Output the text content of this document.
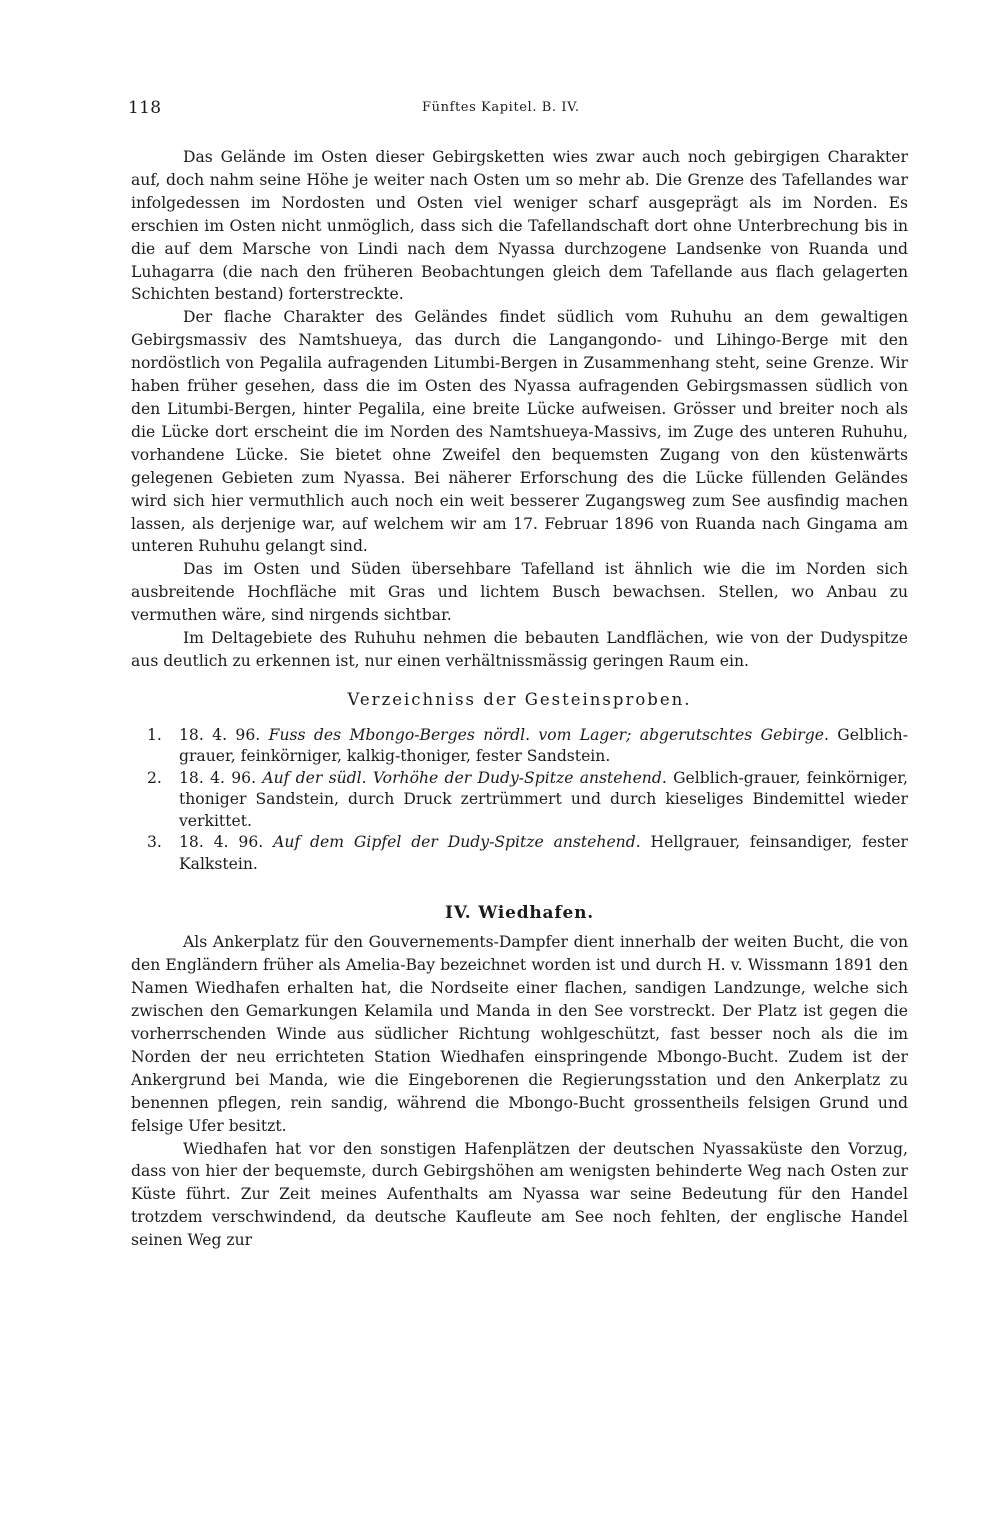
118	Fünftes Kapitel. B. IV.

Das Gelände im Osten dieser Gebirgsketten wies zwar auch noch gebirgigen Charakter auf, doch nahm seine Höhe je weiter nach Osten um so mehr ab. Die Grenze des Tafellandes war infolgedessen im Nordosten und Osten viel weniger scharf ausgeprägt als im Norden. Es erschien im Osten nicht unmöglich, dass sich die Tafellandschaft dort ohne Unterbrechung bis in die auf dem Marsche von Lindi nach dem Nyassa durchzogene Landsenke von Ruanda und Luhagarra (die nach den früheren Beobachtungen gleich dem Tafellande aus flach gelagerten Schichten bestand) forterstreckte.

Der flache Charakter des Geländes findet südlich vom Ruhuhu an dem gewaltigen Gebirgsmassiv des Namtshueya, das durch die Langangondo- und Lihingo-Berge mit den nordöstlich von Pegalila aufragenden Litumbi-Bergen in Zusammenhang steht, seine Grenze. Wir haben früher gesehen, dass die im Osten des Nyassa aufragenden Gebirgsmassen südlich von den Litumbi-Bergen, hinter Pegalila, eine breite Lücke aufweisen. Grösser und breiter noch als die Lücke dort erscheint die im Norden des Namtshueya-Massivs, im Zuge des unteren Ruhuhu, vorhandene Lücke. Sie bietet ohne Zweifel den bequemsten Zugang von den küstenwärts gelegenen Gebieten zum Nyassa. Bei näherer Erforschung des die Lücke füllenden Geländes wird sich hier vermuthlich auch noch ein weit besserer Zugangsweg zum See ausfindig machen lassen, als derjenige war, auf welchem wir am 17. Februar 1896 von Ruanda nach Gingama am unteren Ruhuhu gelangt sind.

Das im Osten und Süden übersehbare Tafelland ist ähnlich wie die im Norden sich ausbreitende Hochfläche mit Gras und lichtem Busch bewachsen. Stellen, wo Anbau zu vermuthen wäre, sind nirgends sichtbar.

Im Deltagebiete des Ruhuhu nehmen die bebauten Landflächen, wie von der Dudyspitze aus deutlich zu erkennen ist, nur einen verhältnissmässig geringen Raum ein.

Verzeichniss der Gesteinsproben.
1.	18. 4. 96. Fuss des Mbongo-Berges nördl. vom Lager; abgerutschtes Gebirge. Gelblich-grauer, feinkörniger, kalkig-thoniger, fester Sandstein.
2.	18. 4. 96. Auf der südl. Vorhöhe der Dudy-Spitze anstehend. Gelblich-grauer, feinkörniger, thoniger Sandstein, durch Druck zertrümmert und durch kieseliges Bindemittel wieder verkittet.
3.	18. 4. 96. Auf dem Gipfel der Dudy-Spitze anstehend. Hellgrauer, feinsandiger, fester Kalkstein.
IV. Wiedhafen.

Als Ankerplatz für den Gouvernements-Dampfer dient innerhalb der weiten Bucht, die von den Engländern früher als Amelia-Bay bezeichnet worden ist und durch H. v. Wissmann 1891 den Namen Wiedhafen erhalten hat, die Nordseite einer flachen, sandigen Landzunge, welche sich zwischen den Gemarkungen Kelamila und Manda in den See vorstreckt. Der Platz ist gegen die vorherrschenden Winde aus südlicher Richtung wohlgeschützt, fast besser noch als die im Norden der neu errichteten Station Wiedhafen einspringende Mbongo-Bucht. Zudem ist der Ankergrund bei Manda, wie die Eingeborenen die Regierungsstation und den Ankerplatz zu benennen pflegen, rein sandig, während die Mbongo-Bucht grossentheils felsigen Grund und felsige Ufer besitzt.

Wiedhafen hat vor den sonstigen Hafenplätzen der deutschen Nyassaküste den Vorzug, dass von hier der bequemste, durch Gebirgshöhen am wenigsten behinderte Weg nach Osten zur Küste führt. Zur Zeit meines Aufenthalts am Nyassa war seine Bedeutung für den Handel trotzdem verschwindend, da deutsche Kaufleute am See noch fehlten, der englische Handel seinen Weg zur
